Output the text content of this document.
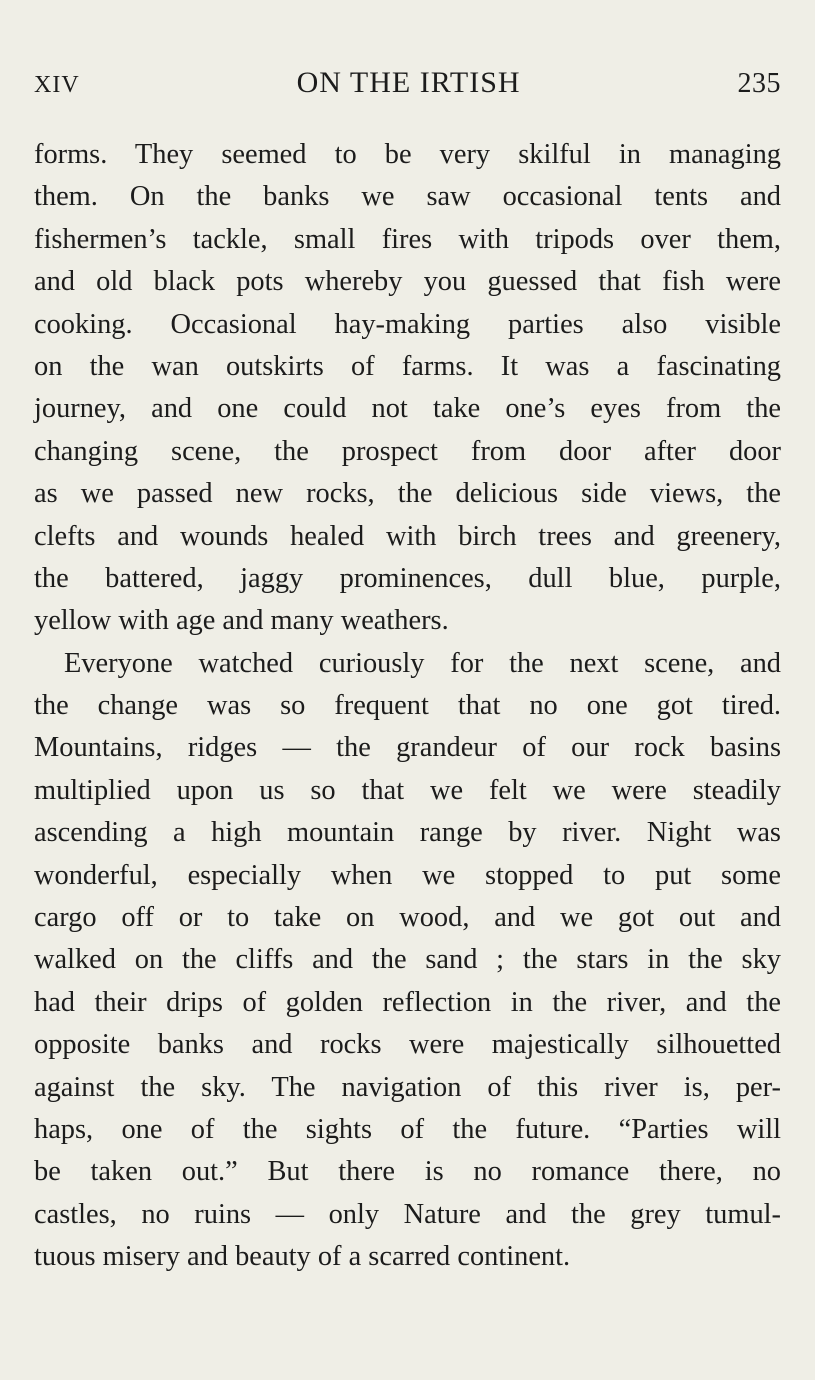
XIV	ON THE IRTISH	235
forms. They seemed to be very skilful in managing
them. On the banks we saw occasional tents and
fishermen’s tackle, small fires with tripods over them,
and old black pots whereby you guessed that fish were
cooking. Occasional hay-making parties also visible
on the wan outskirts of farms. It was a fascinating
journey, and one could not take one’s eyes from the
changing scene, the prospect from door after door
as we passed new rocks, the delicious side views, the
clefts and wounds healed with birch trees and greenery,
the battered, jaggy prominences, dull blue, purple,
yellow with age and many weathers.
Everyone watched curiously for the next scene, and
the change was so frequent that no one got tired.
Mountains, ridges — the grandeur of our rock basins
multiplied upon us so that we felt we were steadily
ascending a high mountain range by river. Night was
wonderful, especially when we stopped to put some
cargo off or to take on wood, and we got out and
walked on the cliffs and the sand ; the stars in the sky
had their drips of golden reflection in the river, and the
opposite banks and rocks were majestically silhouetted
against the sky. The navigation of this river is, per-
haps, one of the sights of the future. “Parties will
be taken out.” But there is no romance there, no
castles, no ruins — only Nature and the grey tumul-
tuous misery and beauty of a scarred continent.
